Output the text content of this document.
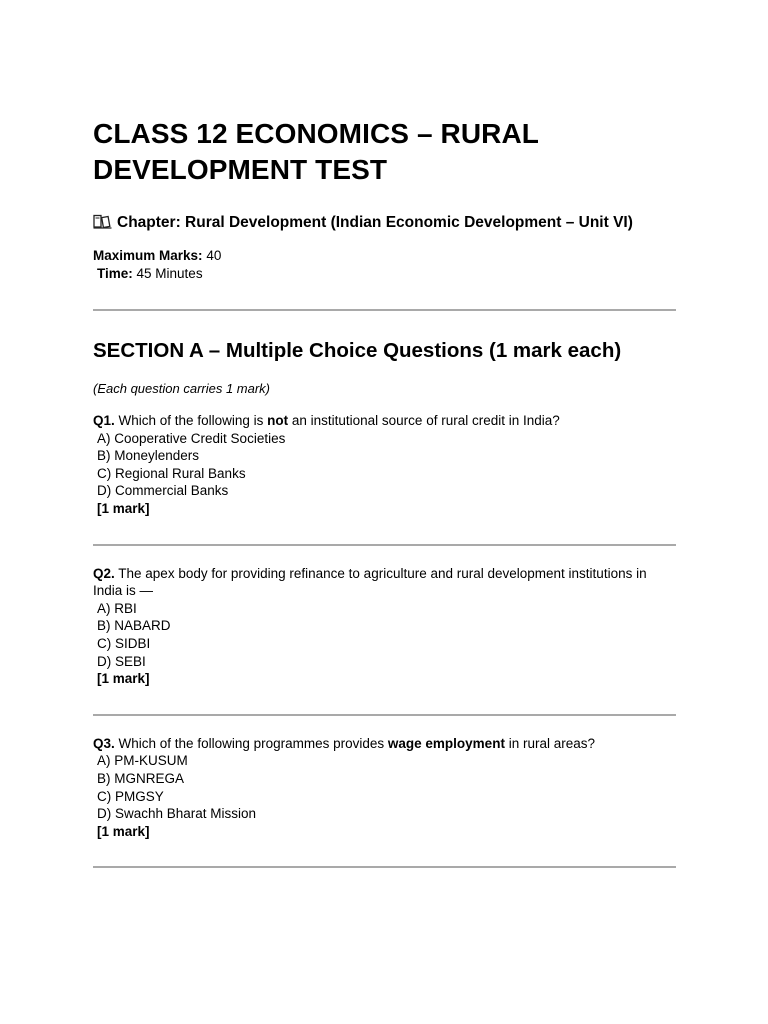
CLASS 12 ECONOMICS – RURAL DEVELOPMENT TEST
Chapter: Rural Development (Indian Economic Development – Unit VI)
Maximum Marks: 40
Time: 45 Minutes
SECTION A – Multiple Choice Questions (1 mark each)
(Each question carries 1 mark)

Q1. Which of the following is not an institutional source of rural credit in India?

A) Cooperative Credit Societies
B) Moneylenders
C) Regional Rural Banks
D) Commercial Banks
[1 mark]

Q2. The apex body for providing refinance to agriculture and rural development institutions in India is —

A) RBI
B) NABARD
C) SIDBI
D) SEBI
[1 mark]

Q3. Which of the following programmes provides wage employment in rural areas?

A) PM-KUSUM
B) MGNREGA
C) PMGSY
D) Swachh Bharat Mission
[1 mark]
